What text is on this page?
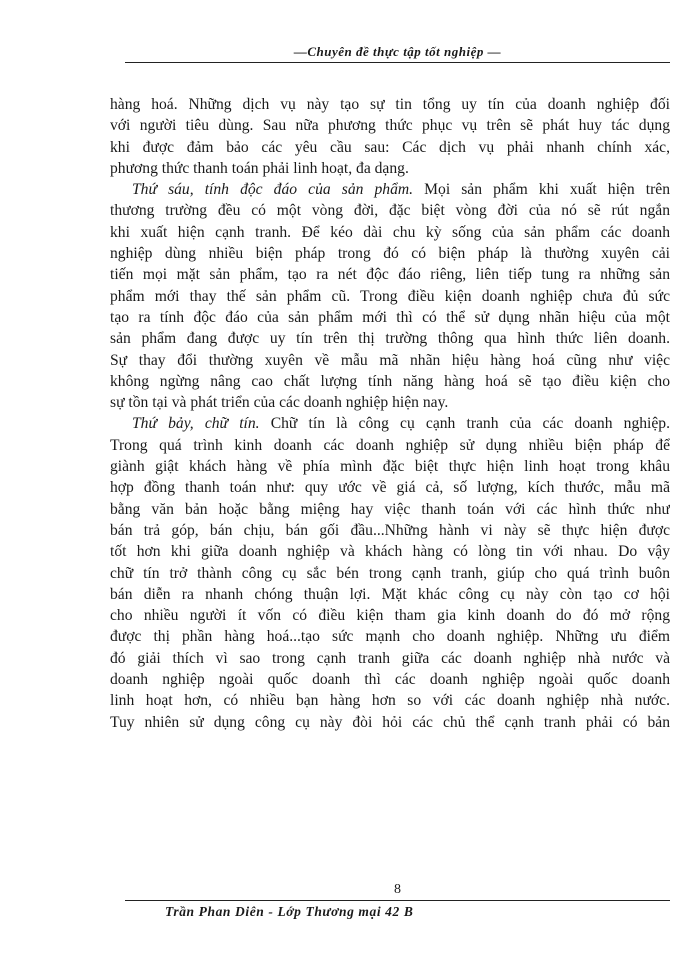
—Chuyên đề thực tập tốt nghiệp —
hàng hoá. Những dịch vụ này tạo sự tin tổng uy tín của doanh nghiệp đối
với người tiêu dùng. Sau nữa phương thức phục vụ trên sẽ phát huy tác dụng
khi được đảm bảo các yêu cầu sau: Các dịch vụ phải nhanh chính xác,
phương thức thanh toán phải linh hoạt, đa dạng.
Thứ sáu, tính độc đáo của sản phẩm. Mọi sản phẩm khi xuất hiện trên
thương trường đều có một vòng đời, đặc biệt vòng đời của nó sẽ rút ngắn
khi xuất hiện cạnh tranh. Để kéo dài chu kỳ sống của sản phẩm các doanh
nghiệp dùng nhiều biện pháp trong đó có biện pháp là thường xuyên cải
tiến mọi mặt sản phẩm, tạo ra nét độc đáo riêng, liên tiếp tung ra những sản
phẩm mới thay thế sản phẩm cũ. Trong điều kiện doanh nghiệp chưa đủ sức
tạo ra tính độc đáo của sản phẩm mới thì có thể sử dụng nhãn hiệu của một
sản phẩm đang được uy tín trên thị trường thông qua hình thức liên doanh.
Sự thay đổi thường xuyên về mẫu mã nhãn hiệu hàng hoá cũng như việc
không ngừng nâng cao chất lượng tính năng hàng hoá sẽ tạo điều kiện cho
sự tồn tại và phát triển của các doanh nghiệp hiện nay.
Thứ bảy, chữ tín. Chữ tín là công cụ cạnh tranh của các doanh nghiệp.
Trong quá trình kinh doanh các doanh nghiệp sử dụng nhiều biện pháp để
giành giật khách hàng về phía mình đặc biệt thực hiện linh hoạt trong khâu
hợp đồng thanh toán như: quy ước về giá cả, số lượng, kích thước, mẫu mã
bằng văn bản hoặc bằng miệng hay việc thanh toán với các hình thức như
bán trả góp, bán chịu, bán gối đầu...Những hành vi này sẽ thực hiện được
tốt hơn khi giữa doanh nghiệp và khách hàng có lòng tin với nhau. Do vậy
chữ tín trở thành công cụ sắc bén trong cạnh tranh, giúp cho quá trình buôn
bán diễn ra nhanh chóng thuận lợi. Mặt khác công cụ này còn tạo cơ hội
cho nhiều người ít vốn có điều kiện tham gia kinh doanh do đó mở rộng
được thị phần hàng hoá...tạo sức mạnh cho doanh nghiệp. Những ưu điểm
đó giải thích vì sao trong cạnh tranh giữa các doanh nghiệp nhà nước và
doanh nghiệp ngoài quốc doanh thì các doanh nghiệp ngoài quốc doanh
linh hoạt hơn, có nhiều bạn hàng hơn so với các doanh nghiệp nhà nước.
Tuy nhiên sử dụng công cụ này đòi hỏi các chủ thể cạnh tranh phải có bản
8
Trần Phan Diên - Lớp Thương mại 42 B
